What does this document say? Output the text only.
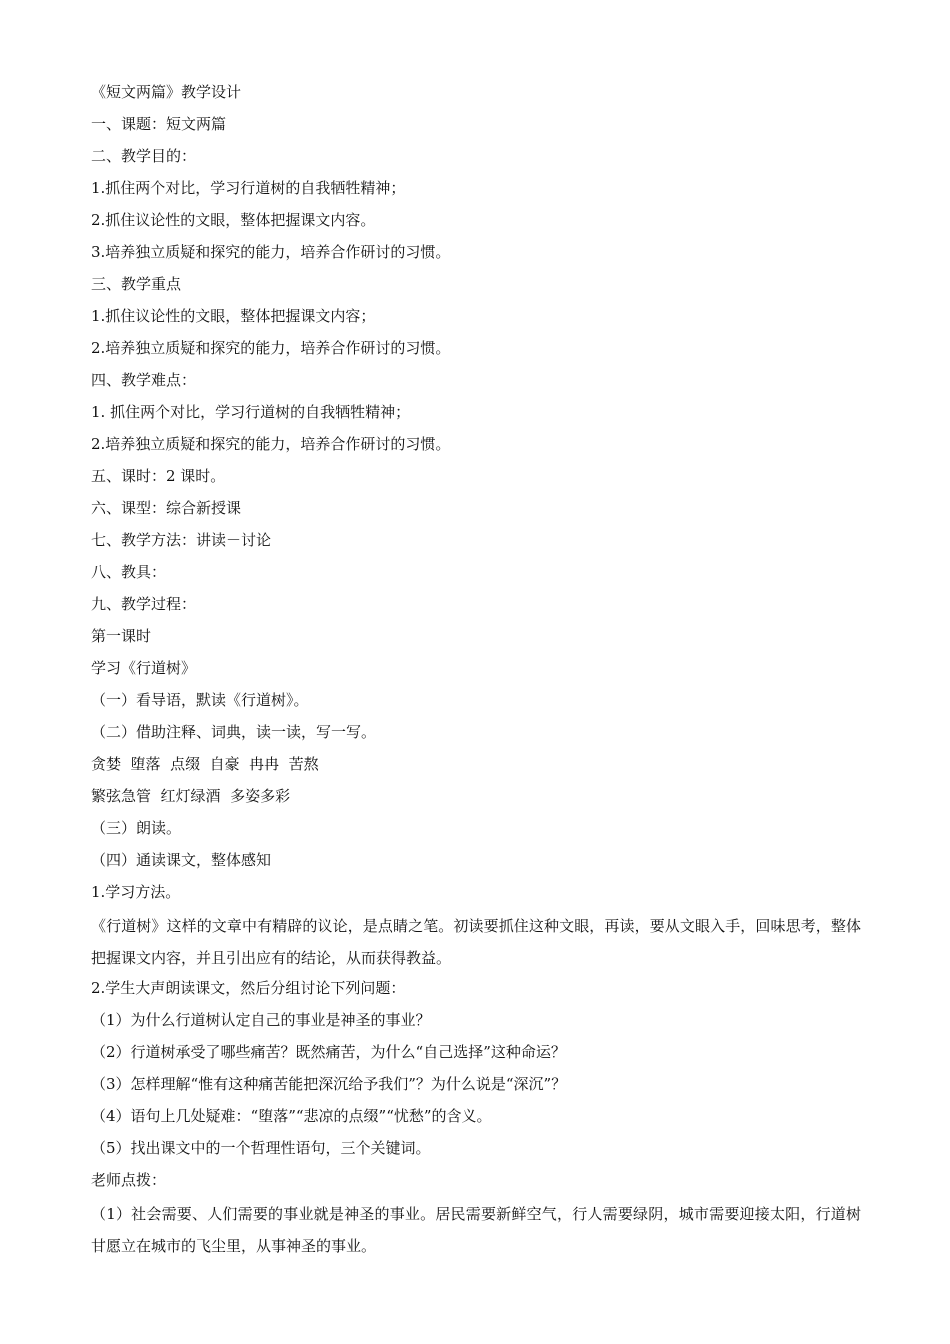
《短文两篇》教学设计
一、课题：短文两篇
二、教学目的：
1.抓住两个对比，学习行道树的自我牺牲精神；
2.抓住议论性的文眼，整体把握课文内容。
3.培养独立质疑和探究的能力，培养合作研讨的习惯。
三、教学重点
1.抓住议论性的文眼，整体把握课文内容；
2.培养独立质疑和探究的能力，培养合作研讨的习惯。
四、教学难点：
1. 抓住两个对比，学习行道树的自我牺牲精神；
2.培养独立质疑和探究的能力，培养合作研讨的习惯。
五、课时：2 课时。
六、课型：综合新授课
七、教学方法：讲读－讨论
八、教具：
九、教学过程：
第一课时
学习《行道树》
（一）看导语，默读《行道树》。
（二）借助注释、词典，读一读，写一写。
贪婪  堕落  点缀  自豪  冉冉  苦熬
繁弦急管  红灯绿酒  多姿多彩
（三）朗读。
（四）通读课文，整体感知
1.学习方法。
《行道树》这样的文章中有精辟的议论，是点睛之笔。初读要抓住这种文眼，再读，要从文眼入手，回味思考，整体把握课文内容，并且引出应有的结论，从而获得教益。
2.学生大声朗读课文，然后分组讨论下列问题：
（1）为什么行道树认定自己的事业是神圣的事业？
（2）行道树承受了哪些痛苦？既然痛苦，为什么“自己选择”这种命运？
（3）怎样理解“惟有这种痛苦能把深沉给予我们”？为什么说是“深沉”？
（4）语句上几处疑难：“堕落”“悲凉的点缀”“忧愁”的含义。
（5）找出课文中的一个哲理性语句，三个关键词。
老师点拨：
（1）社会需要、人们需要的事业就是神圣的事业。居民需要新鲜空气，行人需要绿阴，城市需要迎接太阳，行道树甘愿立在城市的飞尘里，从事神圣的事业。
